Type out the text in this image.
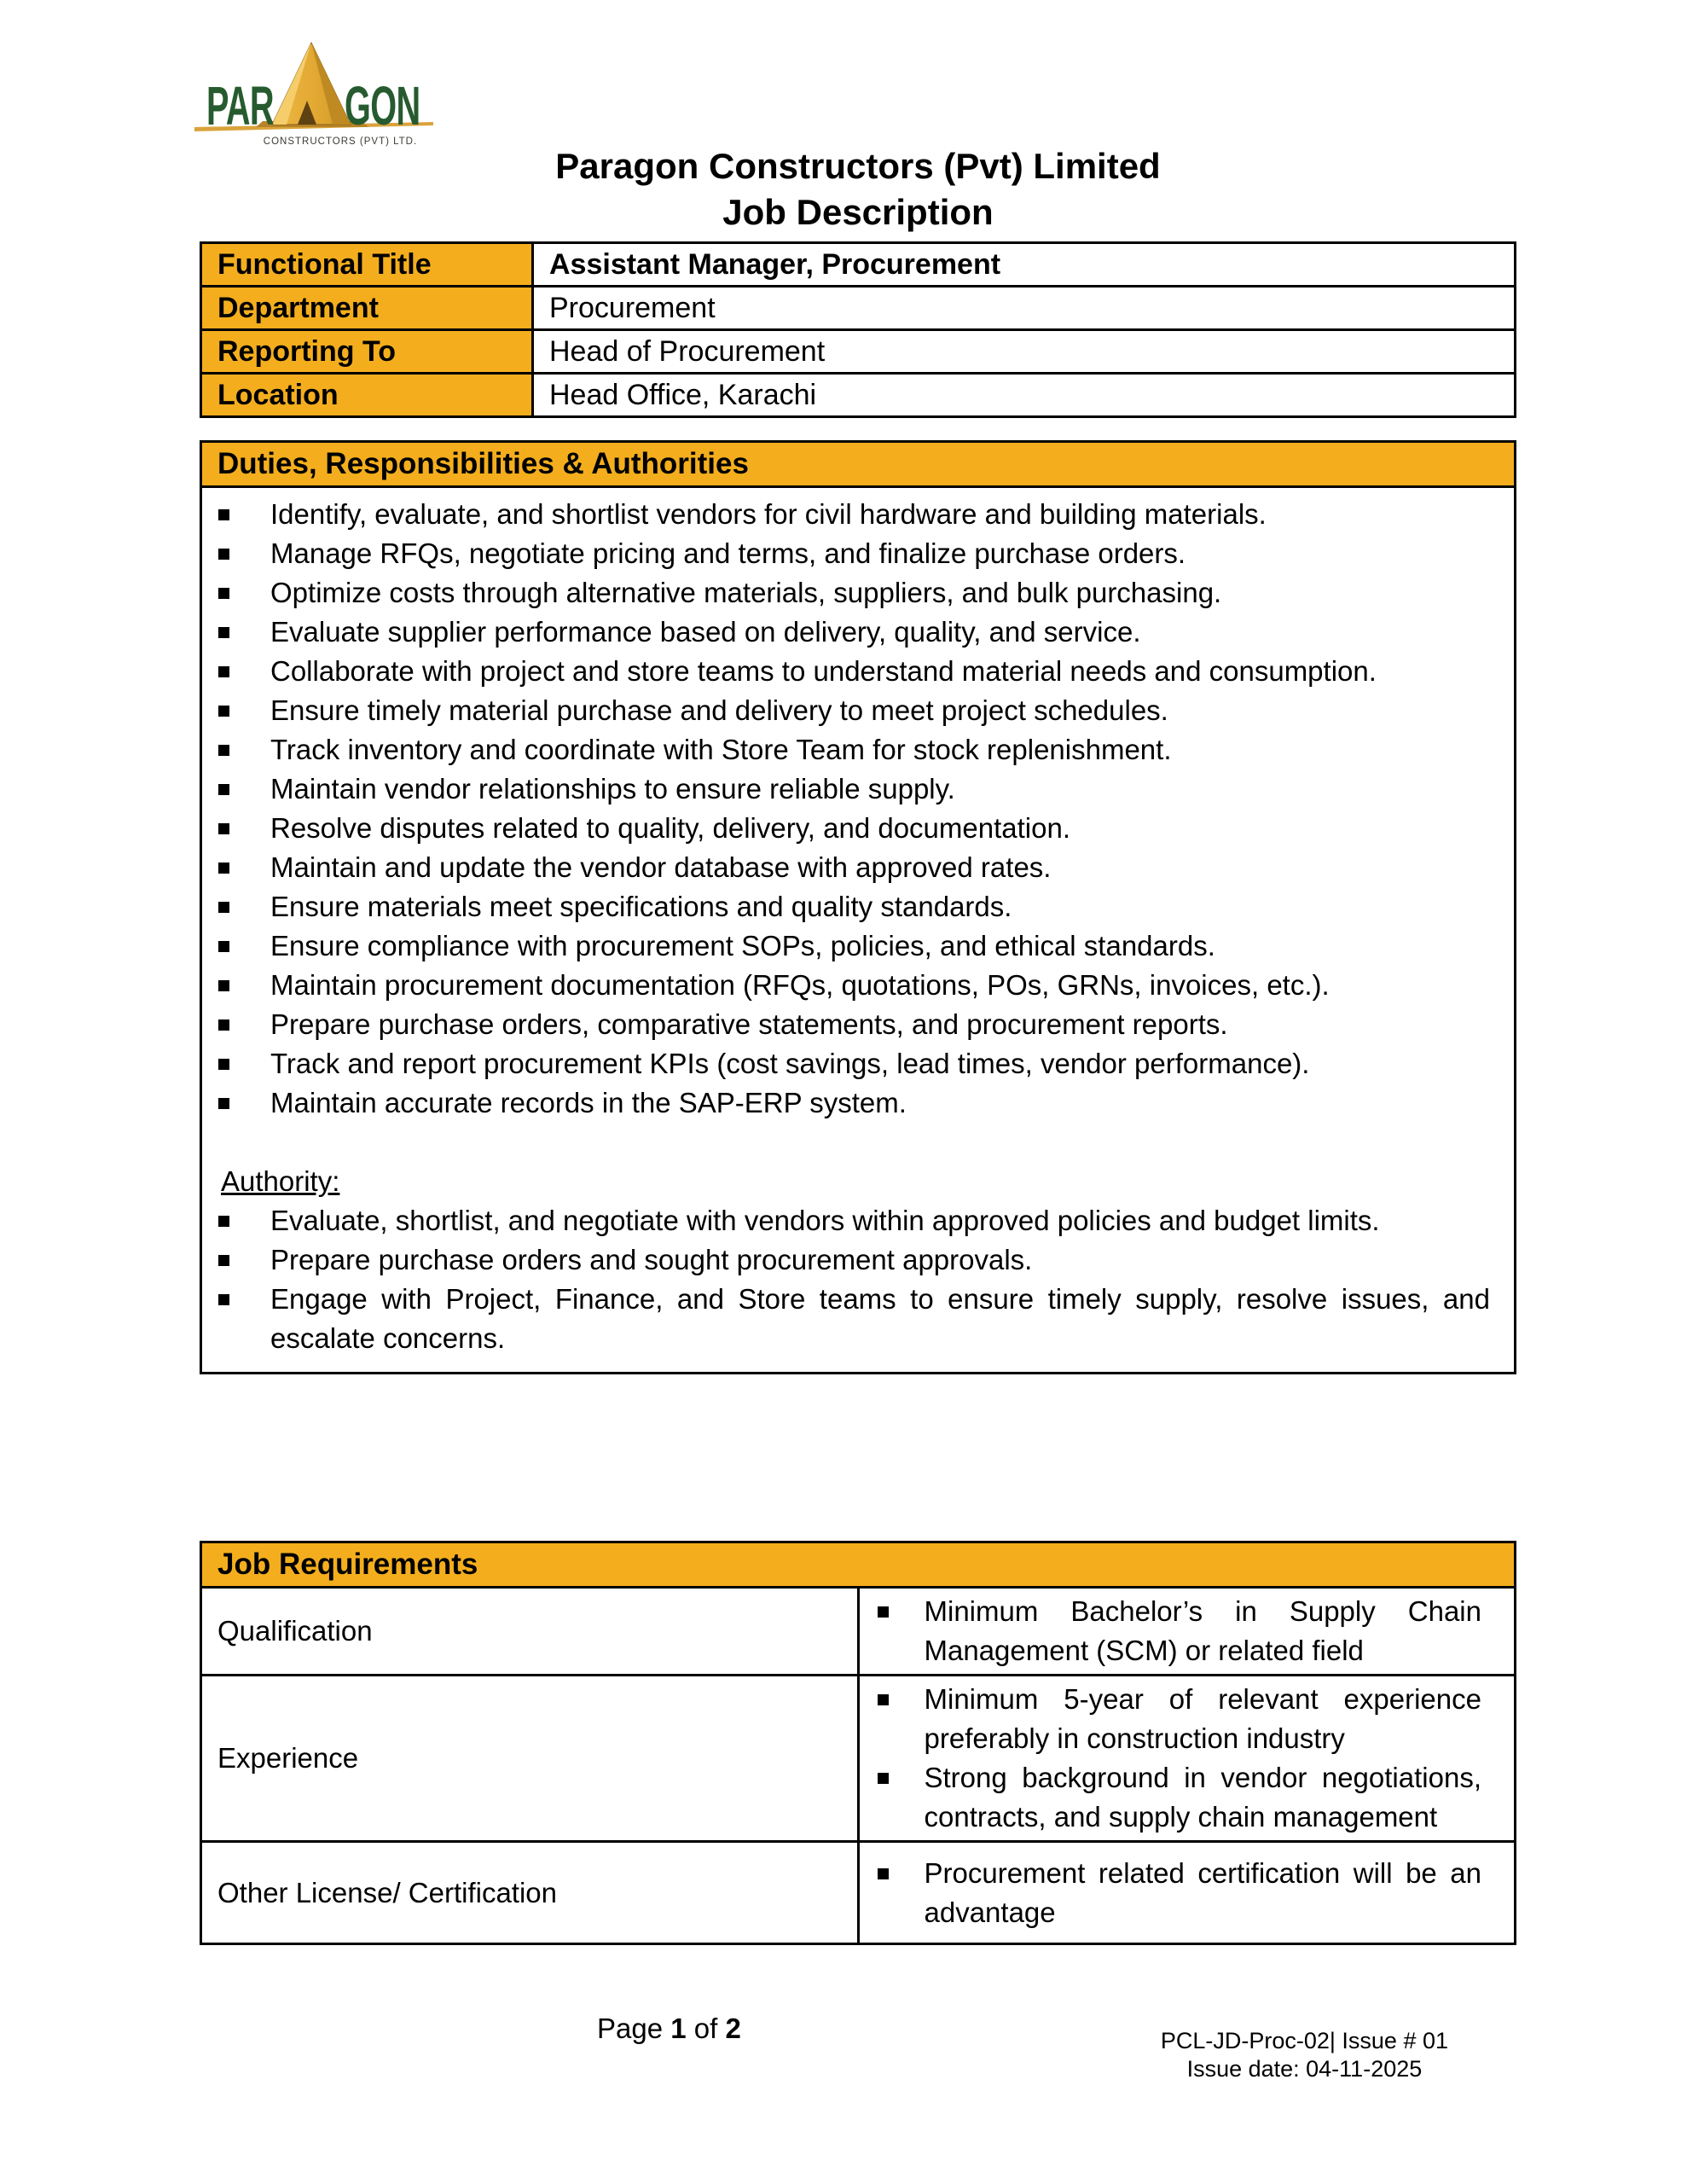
PAR GON
CONSTRUCTORS (PVT) LTD.
Paragon Constructors (Pvt) Limited
Job Description
Functional Title	Assistant Manager, Procurement
Department	Procurement
Reporting To	Head of Procurement
Location	Head Office, Karachi
Duties, Responsibilities & Authorities
Identify, evaluate, and shortlist vendors for civil hardware and building materials.
Manage RFQs, negotiate pricing and terms, and finalize purchase orders.
Optimize costs through alternative materials, suppliers, and bulk purchasing.
Evaluate supplier performance based on delivery, quality, and service.
Collaborate with project and store teams to understand material needs and consumption.
Ensure timely material purchase and delivery to meet project schedules.
Track inventory and coordinate with Store Team for stock replenishment.
Maintain vendor relationships to ensure reliable supply.
Resolve disputes related to quality, delivery, and documentation.
Maintain and update the vendor database with approved rates.
Ensure materials meet specifications and quality standards.
Ensure compliance with procurement SOPs, policies, and ethical standards.
Maintain procurement documentation (RFQs, quotations, POs, GRNs, invoices, etc.).
Prepare purchase orders, comparative statements, and procurement reports.
Track and report procurement KPIs (cost savings, lead times, vendor performance).
Maintain accurate records in the SAP-ERP system.
Authority:
Evaluate, shortlist, and negotiate with vendors within approved policies and budget limits.
Prepare purchase orders and sought procurement approvals.
Engage with Project, Finance, and Store teams to ensure timely supply, resolve issues, and escalate concerns.
Job Requirements	
Qualification	Minimum Bachelor’s in Supply Chain Management (SCM) or related field

Experience	Minimum 5-year of relevant experience preferably in construction industry
Strong background in vendor negotiations, contracts, and supply chain management

Other License/ Certification	Procurement related certification will be an advantage
Page 1 of 2	PCL-JD-Proc-02| Issue # 01
Issue date: 04-11-2025
